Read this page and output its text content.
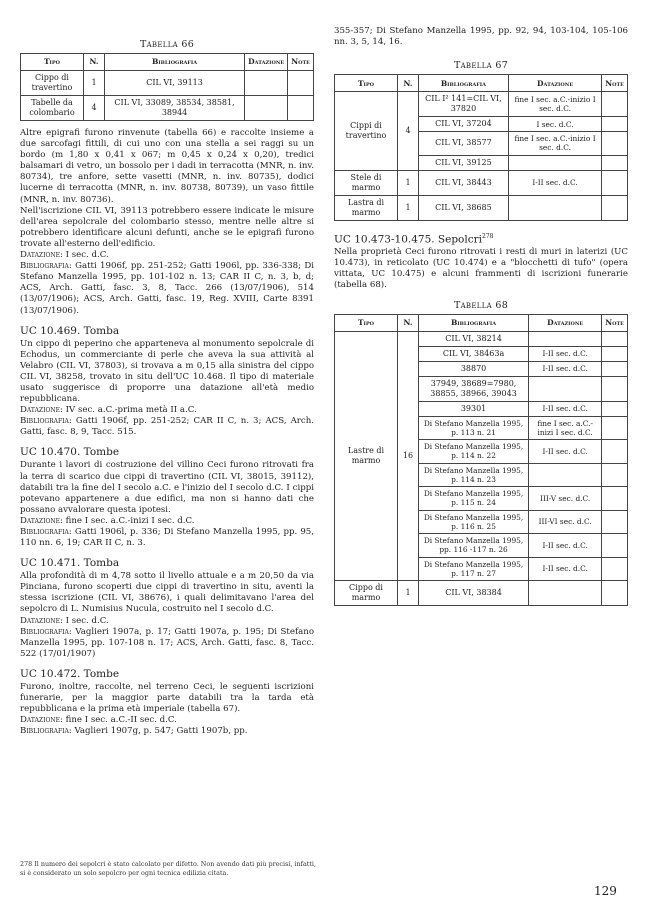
Tabella 66
Tipo	N.	Bibliografia	Datazione	Note
Cippo di travertino	1	CIL VI, 39113		
Tabelle da colombario	4	CIL VI, 33089, 38534, 38581, 38944		

Altre epigrafi furono rinvenute (tabella 66) e raccolte insieme a due sarcofagi fittili, di cui uno con una stella a sei raggi su un bordo (m 1,80 x 0,41 x 067; m 0,45 x 0,24 x 0,20), tredici balsamari di vetro, un bossolo per i dadi in terracotta (MNR, n. inv. 80734), tre anfore, sette vasetti (MNR, n. inv. 80735), dodici lucerne di terracotta (MNR, n. inv. 80738, 80739), un vaso fittile (MNR, n. inv. 80736).

Nell'iscrizione CIL VI, 39113 potrebbero essere indicate le misure dell'area sepolcrale del colombario stesso, mentre nelle altre si potrebbero identificare alcuni defunti, anche se le epigrafi furono trovate all'esterno dell'edificio.

Datazione: I sec. d.C.

Bibliografia: Gatti 1906f, pp. 251-252; Gatti 1906l, pp. 336-338; Di Stefano Manzella 1995, pp. 101-102 n. 13; CAR II C, n. 3, b, d; ACS, Arch. Gatti, fasc. 3, 8, Tacc. 266 (13/07/1906), 514 (13/07/1906); ACS, Arch. Gatti, fasc. 19, Reg. XVIII, Carte 8391 (13/07/1906).

UC 10.469. Tomba

Un cippo di peperino che apparteneva al monumento sepolcrale di Echodus, un commerciante di perle che aveva la sua attività al Velabro (CIL VI, 37803), si trovava a m 0,15 alla sinistra del cippo CIL VI, 38258, trovato in situ dell'UC 10.468. Il tipo di materiale usato suggerisce di proporre una datazione all'età medio repubblicana.

Datazione: IV sec. a.C.-prima metà II a.C.

Bibliografia: Gatti 1906f, pp. 251-252; CAR II C, n. 3; ACS, Arch. Gatti, fasc. 8, 9, Tacc. 515.

UC 10.470. Tombe

Durante i lavori di costruzione del villino Ceci furono ritrovati fra la terra di scarico due cippi di travertino (CIL VI, 38015, 39112), databili tra la fine del I secolo a.C. e l'inizio del I secolo d.C. I cippi potevano appartenere a due edifici, ma non si hanno dati che possano avvalorare questa ipotesi.

Datazione: fine I sec. a.C.-inizi I sec. d.C.

Bibliografia: Gatti 1906l, p. 336; Di Stefano Manzella 1995, pp. 95, 110 nn. 6, 19; CAR II C, n. 3.

UC 10.471. Tomba

Alla profondità di m 4,78 sotto il livello attuale e a m 20,50 da via Pinciana, furono scoperti due cippi di travertino in situ, aventi la stessa iscrizione (CIL VI, 38676), i quali delimitavano l'area del sepolcro di L. Numisius Nucula, costruito nel I secolo d.C.

Datazione: I sec. d.C.

Bibliografia: Vaglieri 1907a, p. 17; Gatti 1907a, p. 195; Di Stefano Manzella 1995, pp. 107-108 n. 17; ACS, Arch. Gatti, fasc. 8, Tacc. 522 (17/01/1907)

UC 10.472. Tombe

Furono, inoltre, raccolte, nel terreno Ceci, le seguenti iscrizioni funerarie, per la maggior parte databili tra la tarda età repubblicana e la prima età imperiale (tabella 67).

Datazione: fine I sec. a.C.-II sec. d.C.

Bibliografia: Vaglieri 1907g, p. 547; Gatti 1907b, pp.

355-357; Di Stefano Manzella 1995, pp. 92, 94, 103-104, 105-106 nn. 3, 5, 14, 16.

Tabella 67
Tipo	N.	Bibliografia	Datazione	Note
Cippi di travertino	4	CIL I² 141=CIL VI, 37820	fine I sec. a.C.-inizio I sec. d.C.	
		CIL VI, 37204	I sec. d.C.	
		CIL VI, 38577	fine I sec. a.C.-inizio I sec. d.C.	
		CIL VI, 39125		
Stele di marmo	1	CIL VI, 38443	I-II sec. d.C.	
Lastra di marmo	1	CIL VI, 38685		
UC 10.473-10.475. Sepolcri$^{278}$

Nella proprietà Ceci furono ritrovati i resti di muri in laterizi (UC 10.473), in reticolato (UC 10.474) e a "blocchetti di tufo" (opera vittata, UC 10.475) e alcuni frammenti di iscrizioni funerarie (tabella 68).

Tabella 68
Tipo	N.	Bibliografia	Datazione	Note
Lastre di marmo	16	CIL VI, 38214		
		CIL VI, 38463a	I-II sec. d.C.	
		38870	I-II sec. d.C.	
		37949, 38689=7980, 38855, 38966, 39043		
		39301	I-II sec. d.C.	
		Di Stefano Manzella 1995, p. 113 n. 21	fine I sec. a.C.-inizi I sec. d.C.	
		Di Stefano Manzella 1995, p. 114 n. 22	I-II sec. d.C.	
		Di Stefano Manzella 1995, p. 114 n. 23		
		Di Stefano Manzella 1995, p. 115 n. 24	III-V sec. d.C.	
		Di Stefano Manzella 1995, p. 116 n. 25	III-VI sec. d.C.	
		Di Stefano Manzella 1995, pp. 116 -117 n. 26	I-II sec. d.C.	
		Di Stefano Manzella 1995, p. 117 n. 27	I-II sec. d.C.	
Cippo di marmo	1	CIL VI, 38384		
278 Il numero dei sepolcri è stato calcolato per difetto. Non avendo dati più precisi, infatti, si è considerato un solo sepolcro per ogni tecnica edilizia citata.
129
